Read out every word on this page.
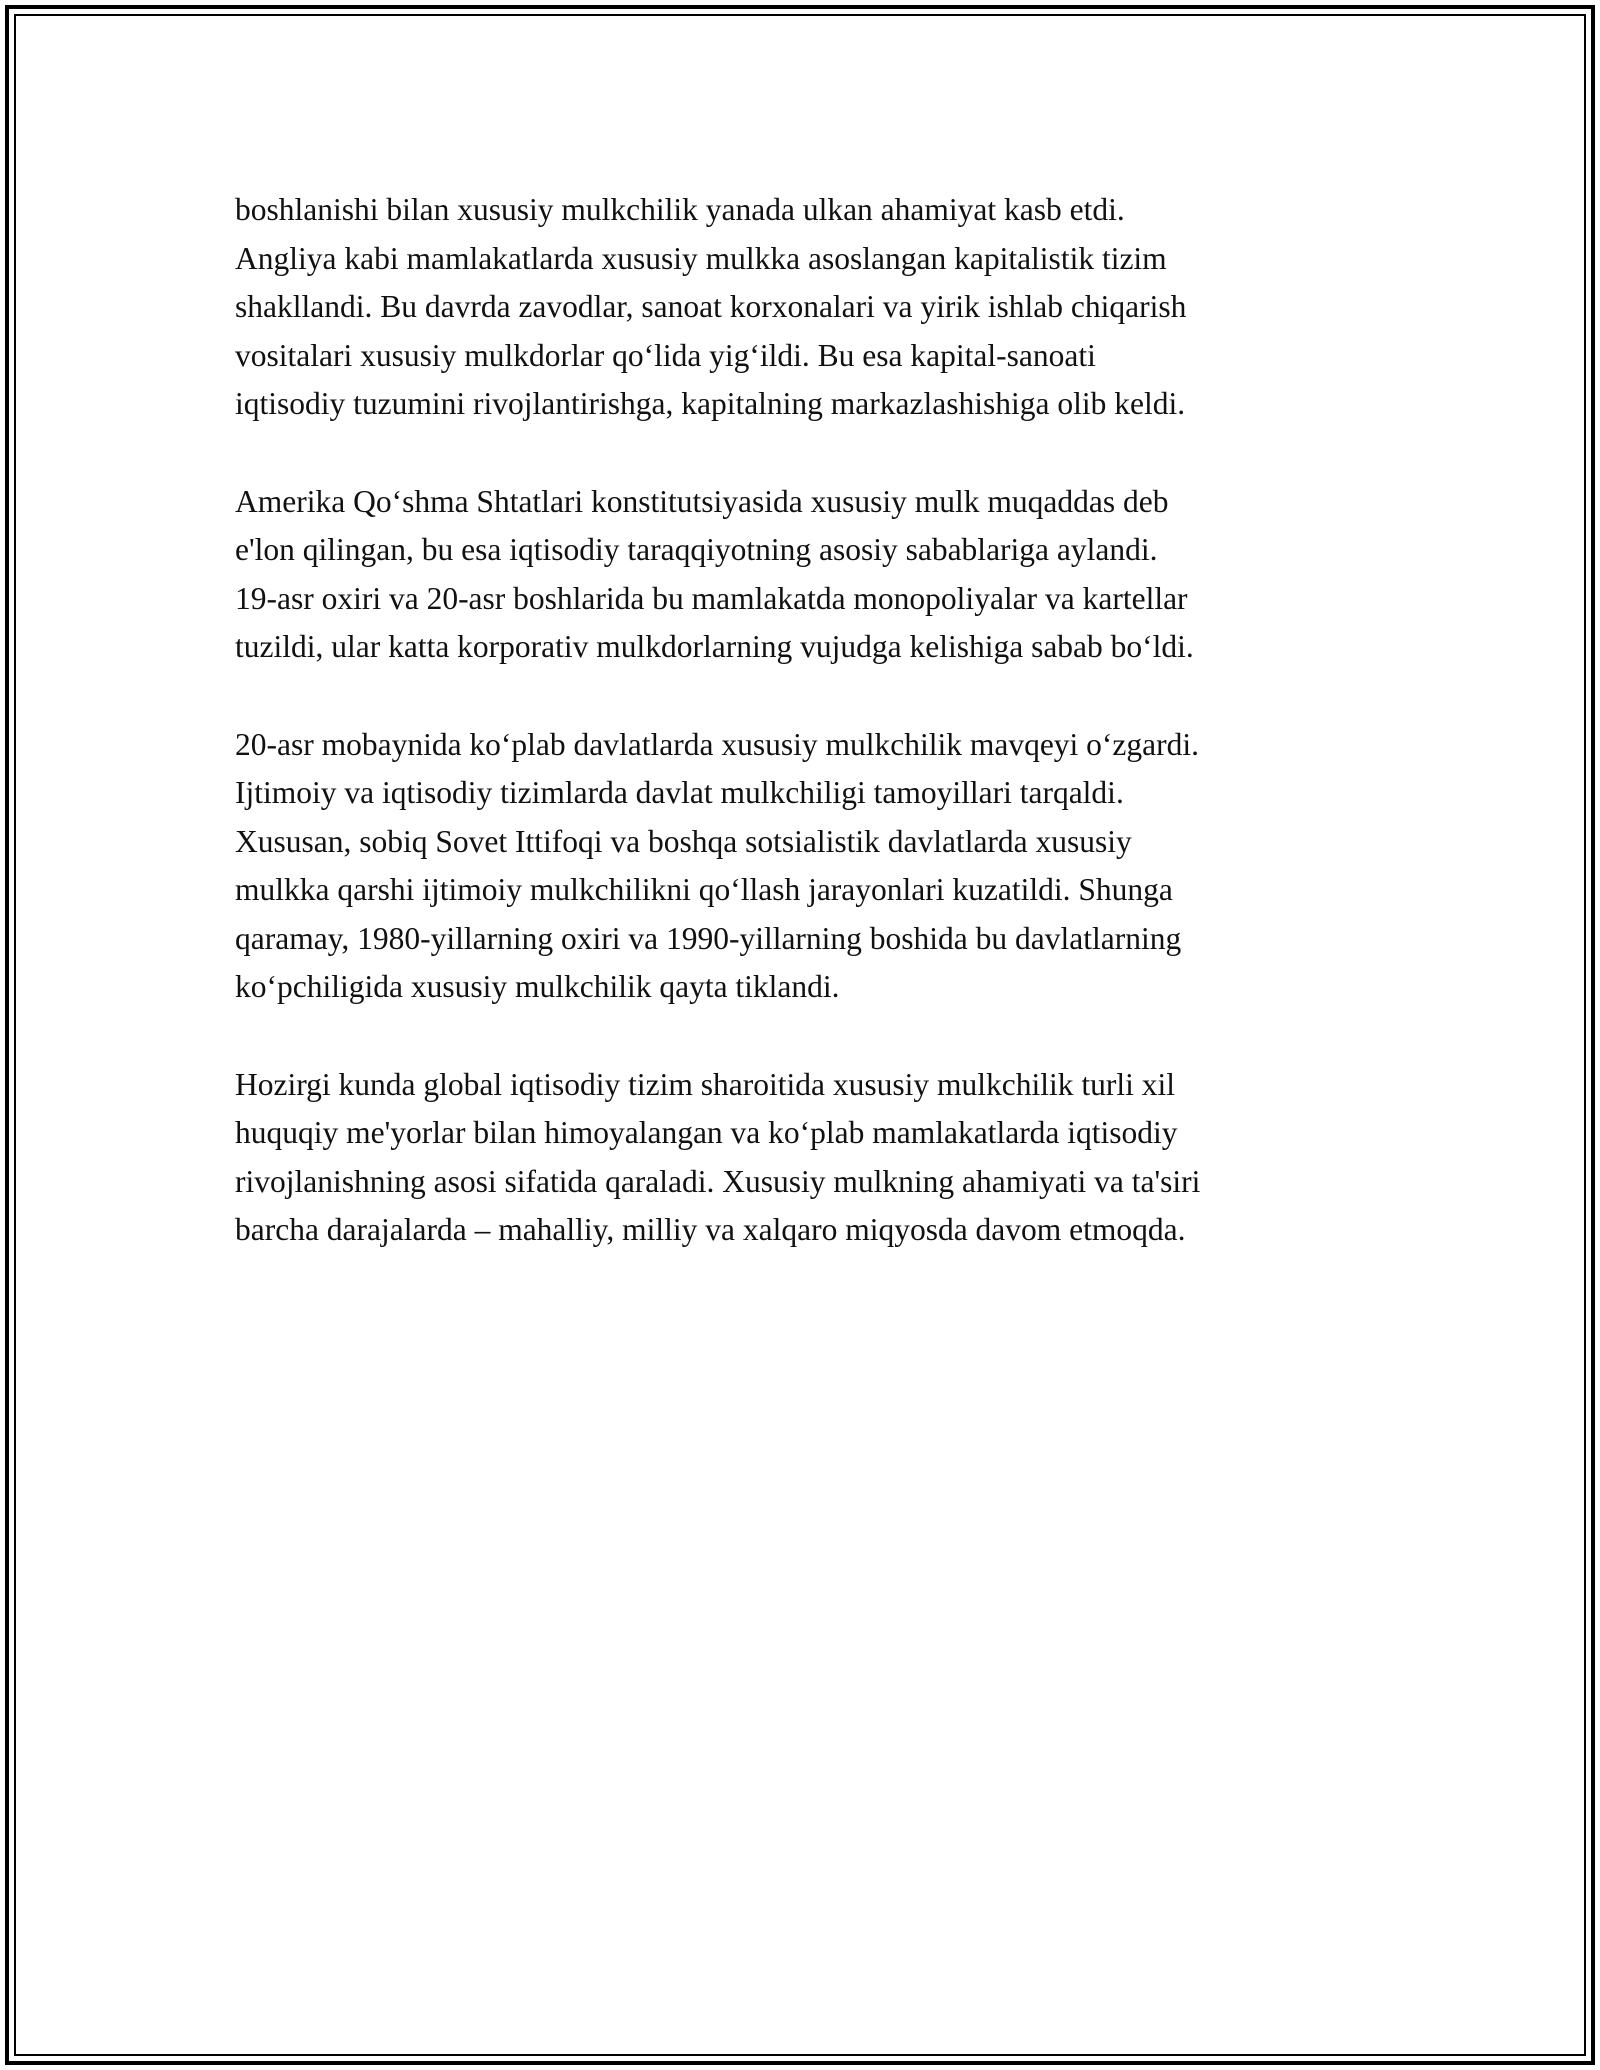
boshlanishi bilan xususiy mulkchilik yanada ulkan ahamiyat kasb etdi.
Angliya kabi mamlakatlarda xususiy mulkka asoslangan kapitalistik tizim
shakllandi. Bu davrda zavodlar, sanoat korxonalari va yirik ishlab chiqarish
vositalari xususiy mulkdorlar qo‘lida yig‘ildi. Bu esa kapital-sanoati
iqtisodiy tuzumini rivojlantirishga, kapitalning markazlashishiga olib keldi.

Amerika Qo‘shma Shtatlari konstitutsiyasida xususiy mulk muqaddas deb
e'lon qilingan, bu esa iqtisodiy taraqqiyotning asosiy sabablariga aylandi.
19-asr oxiri va 20-asr boshlarida bu mamlakatda monopoliyalar va kartellar
tuzildi, ular katta korporativ mulkdorlarning vujudga kelishiga sabab bo‘ldi.

20-asr mobaynida ko‘plab davlatlarda xususiy mulkchilik mavqeyi o‘zgardi.
Ijtimoiy va iqtisodiy tizimlarda davlat mulkchiligi tamoyillari tarqaldi.
Xususan, sobiq Sovet Ittifoqi va boshqa sotsialistik davlatlarda xususiy
mulkka qarshi ijtimoiy mulkchilikni qo‘llash jarayonlari kuzatildi. Shunga
qaramay, 1980-yillarning oxiri va 1990-yillarning boshida bu davlatlarning
ko‘pchiligida xususiy mulkchilik qayta tiklandi.

Hozirgi kunda global iqtisodiy tizim sharoitida xususiy mulkchilik turli xil
huquqiy me'yorlar bilan himoyalangan va ko‘plab mamlakatlarda iqtisodiy
rivojlanishning asosi sifatida qaraladi. Xususiy mulkning ahamiyati va ta'siri
barcha darajalarda – mahalliy, milliy va xalqaro miqyosda davom etmoqda.
